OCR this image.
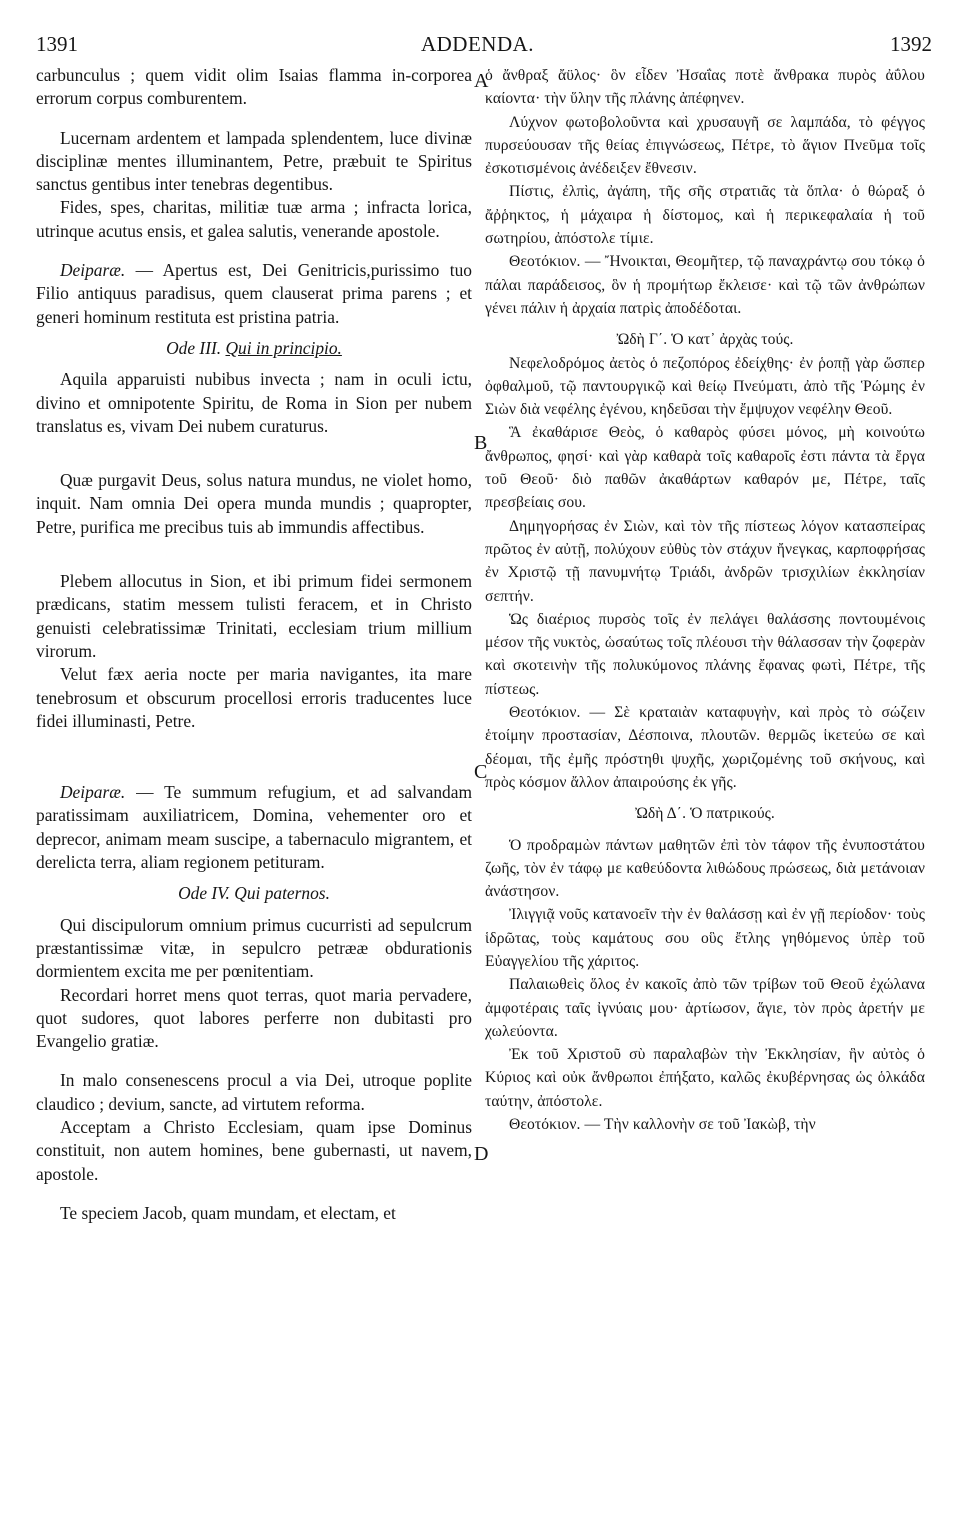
1391	ADDENDA.	1392
A
B
C
D

carbunculus ; quem vidit olim Isaias flamma in-corporea errorum corpus comburentem.

Lucernam ardentem et lampada splendentem, luce divinæ disciplinæ mentes illuminantem, Petre, præbuit te Spiritus sanctus gentibus inter tenebras degentibus.

Fides, spes, charitas, militiæ tuæ arma ; infracta lorica, utrinque acutus ensis, et galea salutis, venerande apostole.

Deiparæ. — Apertus est, Dei Genitricis,purissimo tuo Filio antiquus paradisus, quem clauserat prima parens ; et generi hominum restituta est pristina patria.

Ode III. Qui in principio.

Aquila apparuisti nubibus invecta ; nam in oculi ictu, divino et omnipotente Spiritu, de Roma in Sion per nubem translatus es, vivam Dei nubem curaturus.

Quæ purgavit Deus, solus natura mundus, ne violet homo, inquit. Nam omnia Dei opera munda mundis ; quapropter, Petre, purifica me precibus tuis ab immundis affectibus.

Plebem allocutus in Sion, et ibi primum fidei sermonem prædicans, statim messem tulisti feracem, et in Christo genuisti celebratissimæ Trinitati, ecclesiam trium millium virorum.

Velut fæx aeria nocte per maria navigantes, ita mare tenebrosum et obscurum procellosi erroris traducentes luce fidei illuminasti, Petre.

Deiparæ. — Te summum refugium, et ad salvandam paratissimam auxiliatricem, Domina, vehementer oro et deprecor, animam meam suscipe, a tabernaculo migrantem, et derelicta terra, aliam regionem petituram.

Ode IV. Qui paternos.

Qui discipulorum omnium primus cucurristi ad sepulcrum præstantissimæ vitæ, in sepulcro petrææ obdurationis dormientem excita me per pœnitentiam.

Recordari horret mens quot terras, quot maria pervadere, quot sudores, quot labores perferre non dubitasti pro Evangelio gratiæ.

In malo consenescens procul a via Dei, utroque poplite claudico ; devium, sancte, ad virtutem reforma.

Acceptam a Christo Ecclesiam, quam ipse Dominus constituit, non autem homines, bene gubernasti, ut navem, apostole.

Te speciem Jacob, quam mundam, et electam, et

ὁ ἄνθραξ ἄϋλος· ὃν εἶδεν Ἠσαΐας ποτὲ ἄνθρακα πυρὸς ἀΰλου καίοντα· τὴν ὕλην τῆς πλάνης ἀπέφηνεν.

Λύχνον φωτοβολοῦντα καὶ χρυσαυγῆ σε λαμπάδα, τὸ φέγγος πυρσεύουσαν τῆς θείας ἐπιγνώσεως, Πέτρε, τὸ ἅγιον Πνεῦμα τοῖς ἐσκοτισμένοις ἀνέδειξεν ἔθνεσιν.

Πίστις, ἐλπὶς, ἀγάπη, τῆς σῆς στρατιᾶς τὰ ὅπλα· ὁ θώραξ ὁ ἄῤῥηκτος, ἡ μάχαιρα ἡ δίστομος, καὶ ἡ περικεφαλαία ἡ τοῦ σωτηρίου, ἀπόστολε τίμιε.

Θεοτόκιον. — Ἤνοικται, Θεομῆτερ, τῷ παναχράντῳ σου τόκῳ ὁ πάλαι παράδεισος, ὃν ἡ προμήτωρ ἔκλεισε· καὶ τῷ τῶν ἀνθρώπων γένει πάλιν ἡ ἀρχαία πατρὶς ἀποδέδοται.

Ὠδὴ Γ΄. Ὁ κατ᾽ ἀρχὰς τούς.

Νεφελοδρόμος ἀετὸς ὁ πεζοπόρος ἐδείχθης· ἐν ῥοπῇ γὰρ ὥσπερ ὀφθαλμοῦ, τῷ παντουργικῷ καὶ θείῳ Πνεύματι, ἀπὸ τῆς Ῥώμης ἐν Σιὼν διὰ νεφέλης ἐγένου, κηδεῦσαι τὴν ἔμψυχον νεφέλην Θεοῦ.

Ἃ ἐκαθάρισε Θεὸς, ὁ καθαρὸς φύσει μόνος, μὴ κοινούτω ἄνθρωπος, φησί· καὶ γὰρ καθαρὰ τοῖς καθαροῖς ἐστι πάντα τὰ ἔργα τοῦ Θεοῦ· διὸ παθῶν ἀκαθάρτων καθαρόν με, Πέτρε, ταῖς πρεσβείαις σου.

Δημηγορήσας ἐν Σιὼν, καὶ τὸν τῆς πίστεως λόγον κατασπείρας πρῶτος ἐν αὐτῇ, πολύχουν εὐθὺς τὸν στάχυν ἤνεγκας, καρποφρήσας ἐν Χριστῷ τῇ πανυμνήτῳ Τριάδι, ἀνδρῶν τρισχιλίων ἐκκλησίαν σεπτήν.

Ὡς διαέριος πυρσὸς τοῖς ἐν πελάγει θαλάσσης ποντουμένοις μέσον τῆς νυκτὸς, ὡσαύτως τοῖς πλέουσι τὴν θάλασσαν τὴν ζοφερὰν καὶ σκοτεινὴν τῆς πολυκύμονος πλάνης ἔφανας φωτὶ, Πέτρε, τῆς πίστεως.

Θεοτόκιον. — Σὲ κραταιὰν καταφυγὴν, καὶ πρὸς τὸ σώζειν ἑτοίμην προστασίαν, Δέσποινα, πλουτῶν. θερμῶς ἱκετεύω σε καὶ δέομαι, τῆς ἐμῆς πρόστηθι ψυχῆς, χωριζομένης τοῦ σκήνους, καὶ πρὸς κόσμον ἄλλον ἀπαιρούσης ἐκ γῆς.

Ὠδὴ Δ΄. Ὁ πατρικούς.

Ὁ προδραμὼν πάντων μαθητῶν ἐπὶ τὸν τάφον τῆς ἐνυποστάτου ζωῆς, τὸν ἐν τάφῳ με καθεύδοντα λιθώδους πρώσεως, διὰ μετάνοιαν ἀνάστησον.

Ἰλιγγιᾷ νοῦς κατανοεῖν τὴν ἐν θαλάσσῃ καὶ ἐν γῇ περίοδον· τοὺς ἱδρῶτας, τοὺς καμάτους σου οὓς ἔτλης γηθόμενος ὑπὲρ τοῦ Εὐαγγελίου τῆς χάριτος.

Παλαιωθεὶς ὅλος ἐν κακοῖς ἀπὸ τῶν τρίβων τοῦ Θεοῦ ἐχώλανα ἀμφοτέραις ταῖς ἰγνύαις μου· ἀρτίωσον, ἅγιε, τὸν πρὸς ἀρετήν με χωλεύοντα.

Ἐκ τοῦ Χριστοῦ σὺ παραλαβὼν τὴν Ἐκκλησίαν, ἣν αὐτὸς ὁ Κύριος καὶ οὐκ ἄνθρωποι ἐπήξατο, καλῶς ἐκυβέρνησας ὡς ὁλκάδα ταύτην, ἀπόστολε.

Θεοτόκιον. — Τὴν καλλονὴν σε τοῦ Ἰακὼβ, τὴν
